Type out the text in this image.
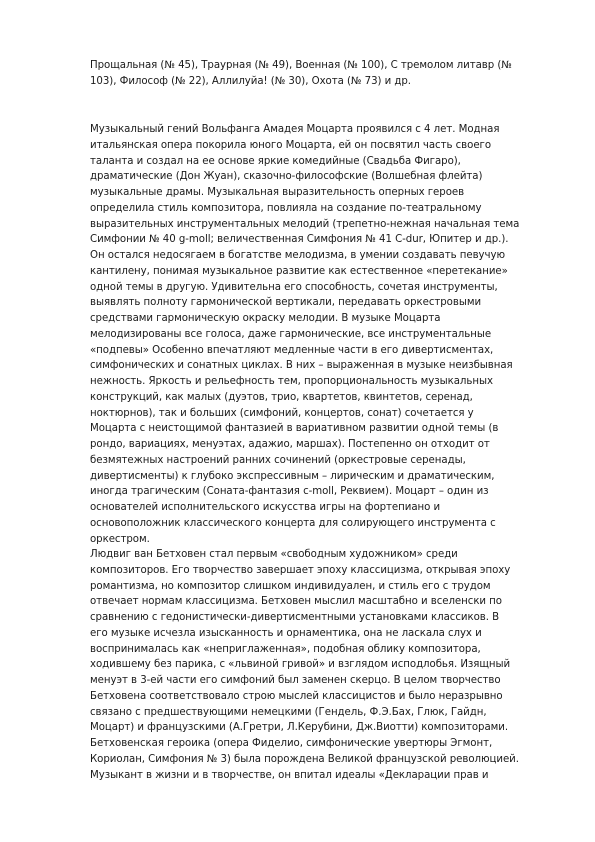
Прощальная (№ 45), Траурная (№ 49), Военная (№ 100), С тремолом литавр (№
103), Философ (№ 22), Аллилуйа! (№ 30), Охота (№ 73) и др.
Музыкальный гений Вольфанга Амадея Моцарта проявился с 4 лет. Модная
итальянская опера покорила юного Моцарта, ей он посвятил часть своего
таланта и создал на ее основе яркие комедийные (Свадьба Фигаро),
драматические (Дон Жуан), сказочно-философские (Волшебная флейта)
музыкальные драмы. Музыкальная выразительность оперных героев
определила стиль композитора, повлияла на создание по-театральному
выразительных инструментальных мелодий (трепетно-нежная начальная тема
Симфонии № 40 g-moll; величественная Симфония № 41 C-dur, Юпитер и др.).
Он остался недосягаем в богатстве мелодизма, в умении создавать певучую
кантилену, понимая музыкальное развитие как естественное «перетекание»
одной темы в другую. Удивительна его способность, сочетая инструменты,
выявлять полноту гармонической вертикали, передавать оркестровыми
средствами гармоническую окраску мелодии. В музыке Моцарта
мелодизированы все голоса, даже гармонические, все инструментальные
«подпевы» Особенно впечатляют медленные части в его дивертисментах,
симфонических и сонатных циклах. В них – выраженная в музыке неизбывная
нежность. Яркость и рельефность тем, пропорциональность музыкальных
конструкций, как малых (дуэтов, трио, квартетов, квинтетов, серенад,
ноктюрнов), так и больших (симфоний, концертов, сонат) сочетается у
Моцарта с неистощимой фантазией в вариативном развитии одной темы (в
рондо, вариациях, менуэтах, адажио, маршах). Постепенно он отходит от
безмятежных настроений ранних сочинений (оркестровые серенады,
дивертисменты) к глубоко экспрессивным – лирическим и драматическим,
иногда трагическим (Соната-фантазия c-moll, Реквием). Моцарт – один из
основателей исполнительского искусства игры на фортепиано и
основоположник классического концерта для солирующего инструмента с
оркестром.
Людвиг ван Бетховен стал первым «свободным художником» среди
композиторов. Его творчество завершает эпоху классицизма, открывая эпоху
романтизма, но композитор слишком индивидуален, и стиль его с трудом
отвечает нормам классицизма. Бетховен мыслил масштабно и вселенски по
сравнению с гедонистически-дивертисментными установками классиков. В
его музыке исчезла изысканность и орнаментика, она не ласкала слух и
воспринималась как «неприглаженная», подобная облику композитора,
ходившему без парика, с «львиной гривой» и взглядом исподлобья. Изящный
менуэт в 3-ей части его симфоний был заменен скерцо. В целом творчество
Бетховена соответствовало строю мыслей классицистов и было неразрывно
связано с предшествующими немецкими (Гендель, Ф.Э.Бах, Глюк, Гайдн,
Моцарт) и французскими (А.Гретри, Л.Керубини, Дж.Виотти) композиторами.
Бетховенская героика (опера Фиделио, симфонические увертюры Эгмонт,
Кориолан, Симфония № 3) была порождена Великой французской революцией.
Музыкант в жизни и в творчестве, он впитал идеалы «Декларации прав и
